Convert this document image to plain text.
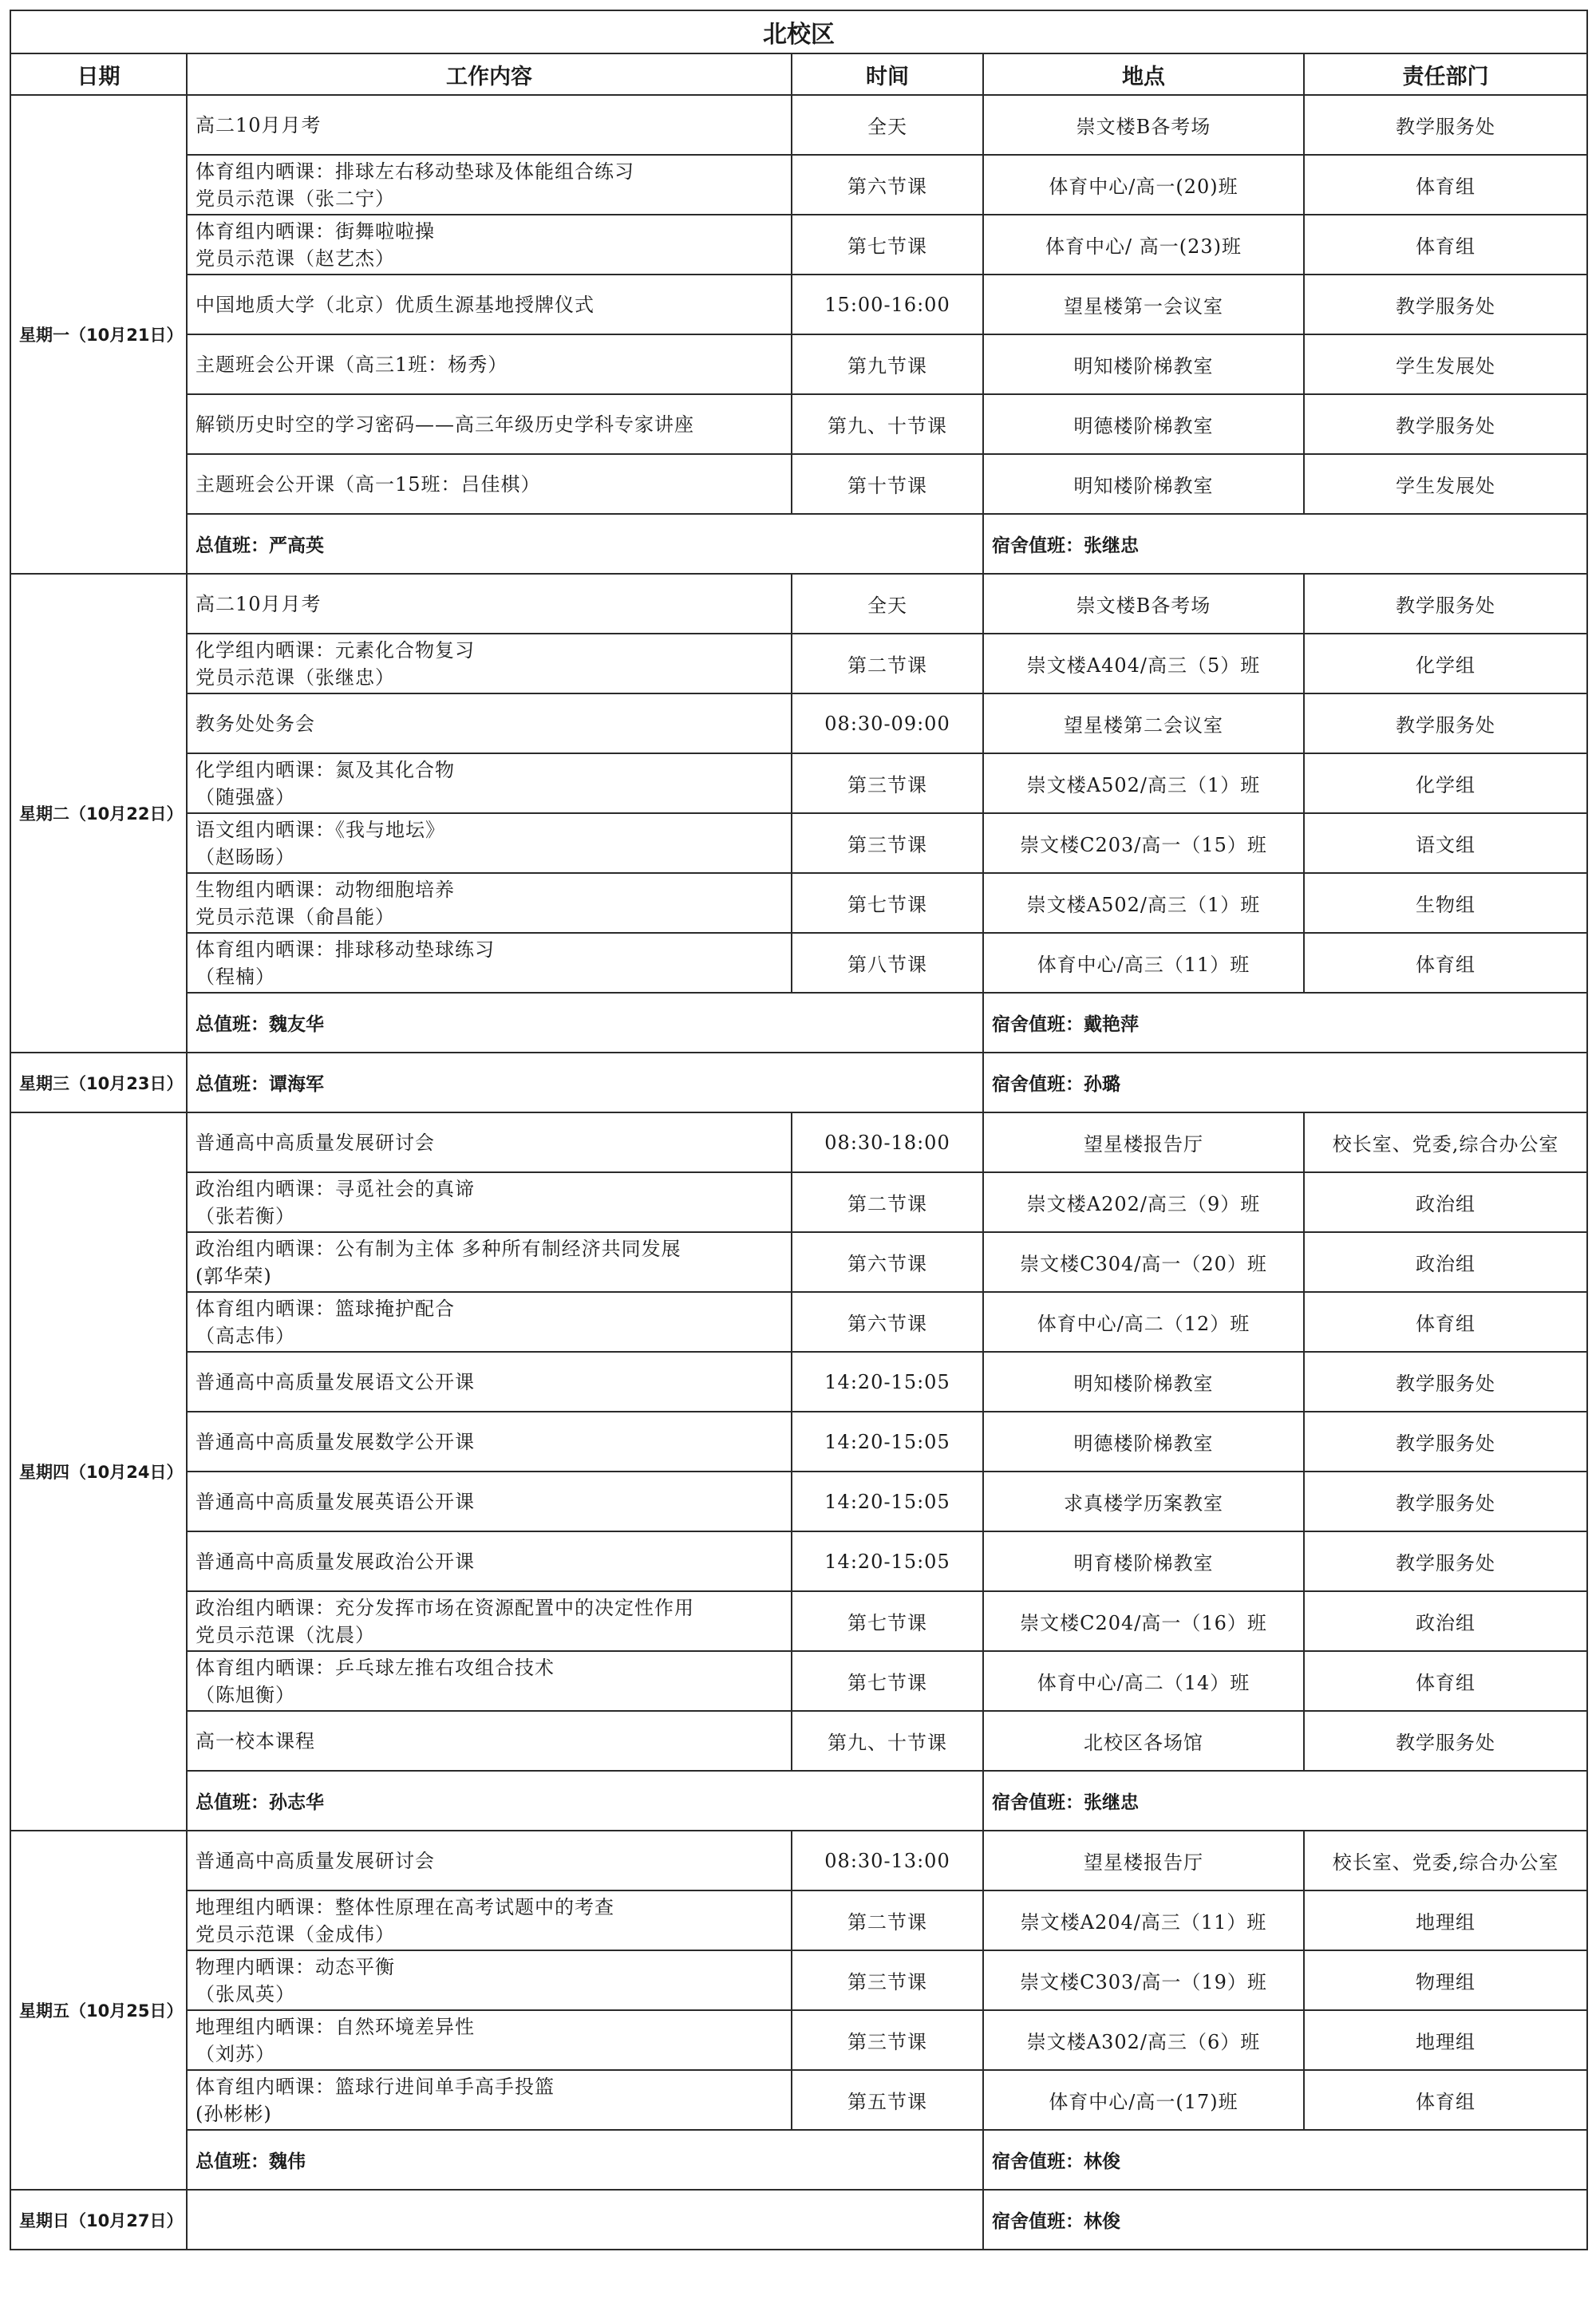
北校区				
日期	工作内容	时间	地点	责任部门
星期一（10月21日）	高二10月月考	全天	崇文楼B各考场	教学服务处

	体育组内晒课：排球左右移动垫球及体能组合练习
党员示范课（张二宁）	第六节课	体育中心/高一(20)班	体育组

	体育组内晒课：街舞啦啦操
党员示范课（赵艺杰）	第七节课	体育中心/ 高一(23)班	体育组

	中国地质大学（北京）优质生源基地授牌仪式	15:00-16:00	望星楼第一会议室	教学服务处

	主题班会公开课（高三1班：杨秀）	第九节课	明知楼阶梯教室	学生发展处

	解锁历史时空的学习密码——高三年级历史学科专家讲座	第九、十节课	明德楼阶梯教室	教学服务处

	主题班会公开课（高一15班：吕佳棋）	第十节课	明知楼阶梯教室	学生发展处
	总值班：严高英		宿舍值班：张继忠	
星期二（10月22日）	高二10月月考	全天	崇文楼B各考场	教学服务处

	化学组内晒课：元素化合物复习
党员示范课（张继忠）	第二节课	崇文楼A404/高三（5）班	化学组

	教务处处务会	08:30-09:00	望星楼第二会议室	教学服务处

	化学组内晒课：氮及其化合物
（随强盛）	第三节课	崇文楼A502/高三（1）班	化学组

	语文组内晒课：《我与地坛》
（赵旸旸）	第三节课	崇文楼C203/高一（15）班	语文组

	生物组内晒课：动物细胞培养
党员示范课（俞昌能）	第七节课	崇文楼A502/高三（1）班	生物组

	体育组内晒课：排球移动垫球练习
（程楠）	第八节课	体育中心/高三（11）班	体育组
	总值班：魏友华		宿舍值班：戴艳萍	
星期三（10月23日）	总值班：谭海军		宿舍值班：孙璐	
星期四（10月24日）	普通高中高质量发展研讨会	08:30-18:00	望星楼报告厅	校长室、党委,综合办公室

	政治组内晒课：寻觅社会的真谛
（张若衡）	第二节课	崇文楼A202/高三（9）班	政治组

	政治组内晒课：公有制为主体 多种所有制经济共同发展
(郭华荣)	第六节课	崇文楼C304/高一（20）班	政治组

	体育组内晒课：篮球掩护配合
（高志伟）	第六节课	体育中心/高二（12）班	体育组

	普通高中高质量发展语文公开课	14:20-15:05	明知楼阶梯教室	教学服务处

	普通高中高质量发展数学公开课	14:20-15:05	明德楼阶梯教室	教学服务处

	普通高中高质量发展英语公开课	14:20-15:05	求真楼学历案教室	教学服务处

	普通高中高质量发展政治公开课	14:20-15:05	明育楼阶梯教室	教学服务处

	政治组内晒课：充分发挥市场在资源配置中的决定性作用
党员示范课（沈晨）	第七节课	崇文楼C204/高一（16）班	政治组

	体育组内晒课：乒乓球左推右攻组合技术
（陈旭衡）	第七节课	体育中心/高二（14）班	体育组

	高一校本课程	第九、十节课	北校区各场馆	教学服务处
	总值班：孙志华		宿舍值班：张继忠	
星期五（10月25日）	普通高中高质量发展研讨会	08:30-13:00	望星楼报告厅	校长室、党委,综合办公室

	地理组内晒课：整体性原理在高考试题中的考查
党员示范课（金成伟）	第二节课	崇文楼A204/高三（11）班	地理组

	物理内晒课：动态平衡
（张凤英）	第三节课	崇文楼C303/高一（19）班	物理组

	地理组内晒课：自然环境差异性
（刘苏）	第三节课	崇文楼A302/高三（6）班	地理组

	体育组内晒课：篮球行进间单手高手投篮
(孙彬彬)	第五节课	体育中心/高一(17)班	体育组
	总值班：魏伟		宿舍值班：林俊	
星期日（10月27日）			宿舍值班：林俊	
